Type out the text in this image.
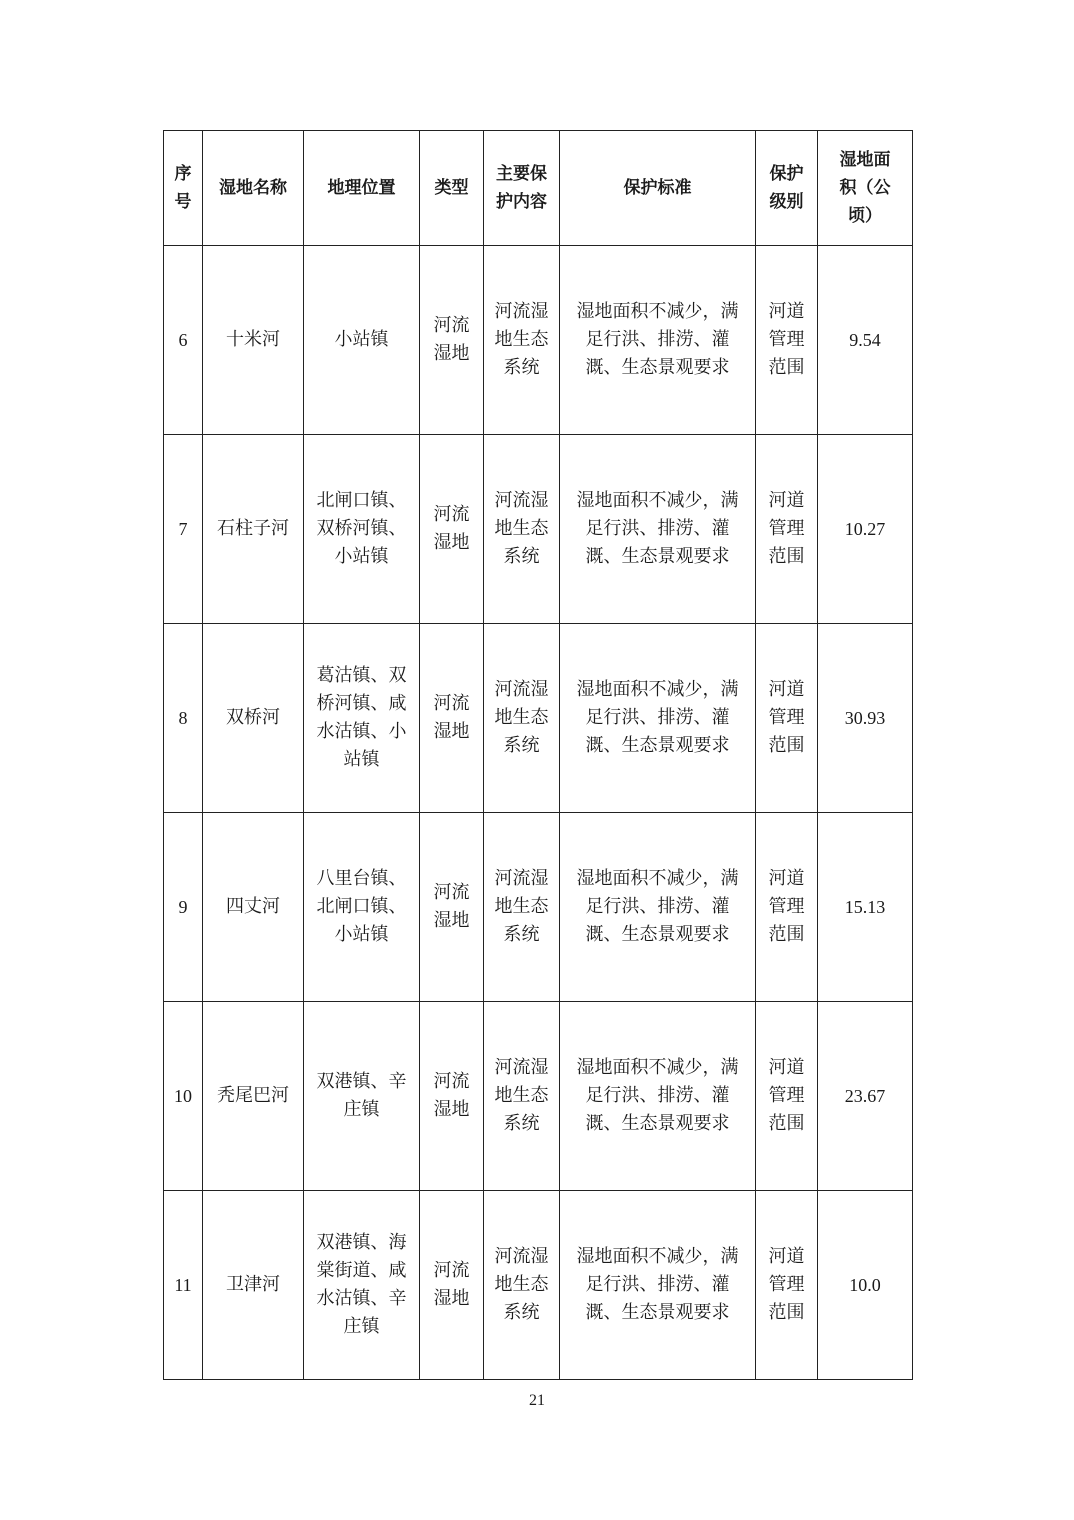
序号	湿地名称	地理位置	类型	主要保护内容	保护标准	保护级别	湿地面积（公顷）
6	十米河	小站镇	河流湿地	河流湿地生态系统	湿地面积不减少，满足行洪、排涝、灌溉、生态景观要求	河道管理范围	9.54
7	石柱子河	北闸口镇、双桥河镇、小站镇	河流湿地	河流湿地生态系统	湿地面积不减少，满足行洪、排涝、灌溉、生态景观要求	河道管理范围	10.27
8	双桥河	葛沽镇、双桥河镇、咸水沽镇、小站镇	河流湿地	河流湿地生态系统	湿地面积不减少，满足行洪、排涝、灌溉、生态景观要求	河道管理范围	30.93
9	四丈河	八里台镇、北闸口镇、小站镇	河流湿地	河流湿地生态系统	湿地面积不减少，满足行洪、排涝、灌溉、生态景观要求	河道管理范围	15.13
10	秃尾巴河	双港镇、辛庄镇	河流湿地	河流湿地生态系统	湿地面积不减少，满足行洪、排涝、灌溉、生态景观要求	河道管理范围	23.67
11	卫津河	双港镇、海棠街道、咸水沽镇、辛庄镇	河流湿地	河流湿地生态系统	湿地面积不减少，满足行洪、排涝、灌溉、生态景观要求	河道管理范围	10.0
21
